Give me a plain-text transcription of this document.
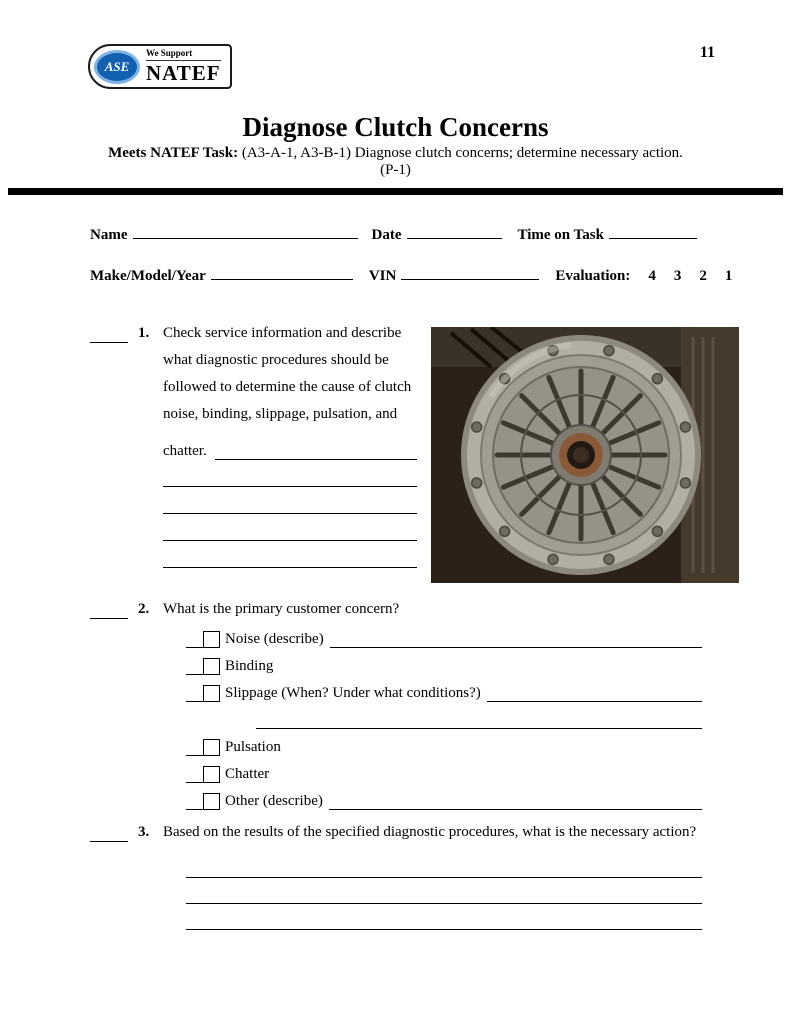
11
ASE
We Support
NATEF
Diagnose Clutch Concerns
Meets NATEF Task: (A3-A-1, A3-B-1) Diagnose clutch concerns; determine necessary action.
(P-1)
Name	Date	Time on Task
Make/Model/Year	VIN	Evaluation: 4 3 2 1
1. Check service information and describe
what diagnostic procedures should be
followed to determine the cause of clutch
noise, binding, slippage, pulsation, and
chatter.
2. What is the primary customer concern?
Noise (describe)
Binding
Slippage (When? Under what conditions?)
Pulsation
Chatter
Other (describe)
3. Based on the results of the specified diagnostic procedures, what is the necessary action?
